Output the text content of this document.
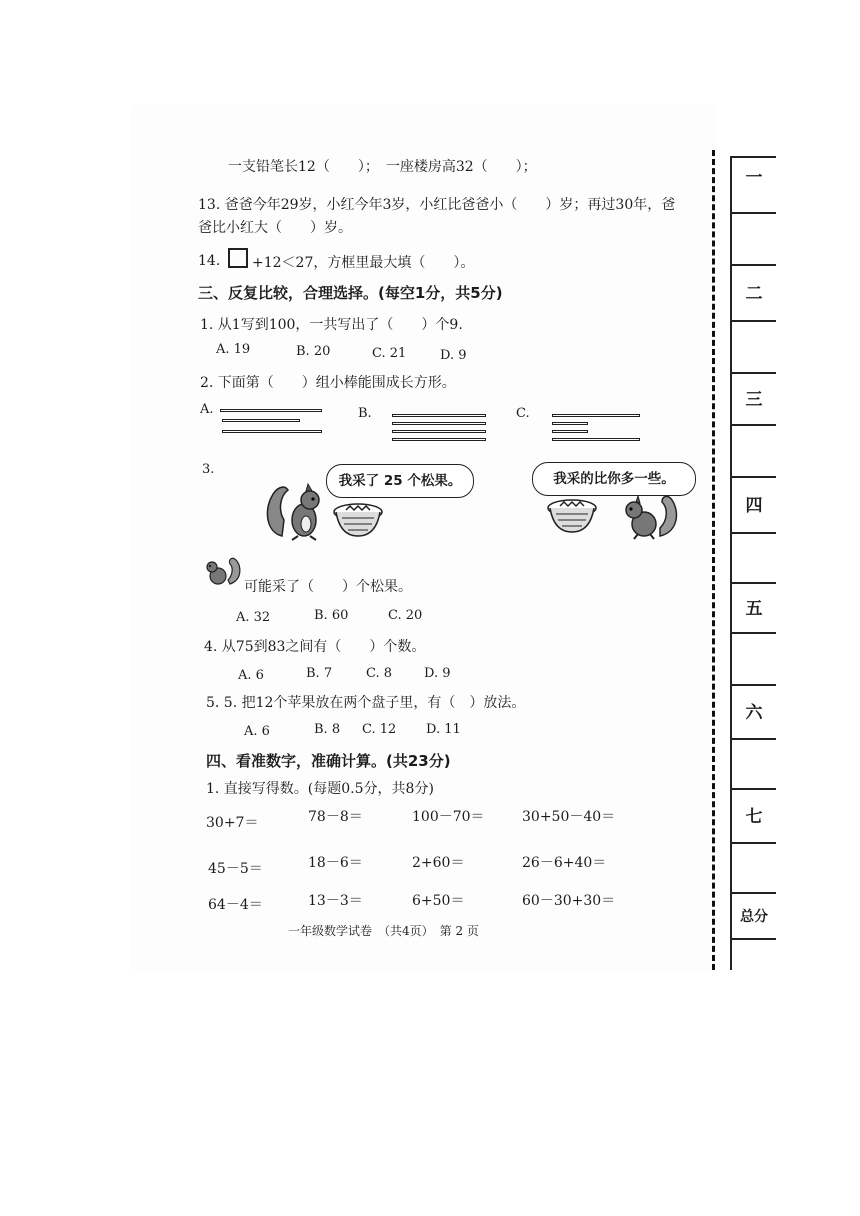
一支铅笔长12（　　）；　一座楼房高32（　　）；
13. 爸爸今年29岁，小红今年3岁，小红比爸爸小（　　）岁；再过30年，爸
爸比小红大（　　）岁。
14. +12＜27，方框里最大填（　　）。
三、反复比较，合理选择。(每空1分，共5分)
1. 从1写到100，一共写出了（　　）个9.
A. 19	B. 20	C. 21	D. 9
2. 下面第（　　）组小棒能围成长方形。
A.	B.	C.
3.
我采了 25 个松果。	我采的比你多一些。
可能采了（　　）个松果。
A. 32	B. 60	C. 20
4. 从75到83之间有（　　）个数。
A. 6	B. 7	C. 8 D. 9
5. 5. 把12个苹果放在两个盘子里，有（　）放法。
A. 6	B. 8 C. 12 D. 11
四、看准数字，准确计算。(共23分)
1. 直接写得数。(每题0.5分，共8分)
30+7＝	78－8＝	100－70＝	30+50－40＝
45－5＝	18－6＝	2+60＝	26－6+40＝
64－4＝	13－3＝	6+50＝	60－30+30＝
一年级数学试卷　（共4页）　第 2 页
一
二
三
四
五
六
七
总分
